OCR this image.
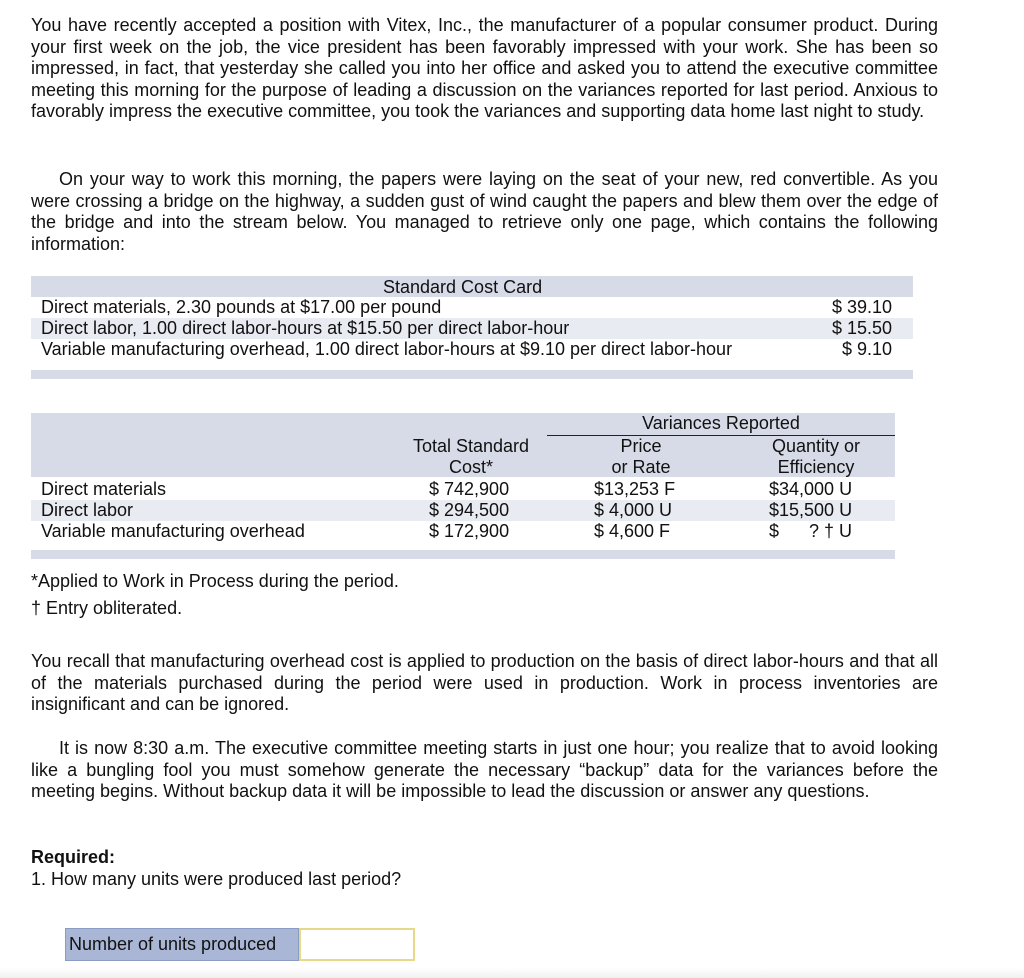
You have recently accepted a position with Vitex, Inc., the manufacturer of a popular consumer product. During your first week on the job, the vice president has been favorably impressed with your work. She has been so impressed, in fact, that yesterday she called you into her office and asked you to attend the executive committee meeting this morning for the purpose of leading a discussion on the variances reported for last period. Anxious to favorably impress the executive committee, you took the variances and supporting data home last night to study.

On your way to work this morning, the papers were laying on the seat of your new, red convertible. As you were crossing a bridge on the highway, a sudden gust of wind caught the papers and blew them over the edge of the bridge and into the stream below. You managed to retrieve only one page, which contains the following information:

Standard Cost Card
Direct materials, 2.30 pounds at $17.00 per pound	$ 39.10
Direct labor, 1.00 direct labor-hours at $15.50 per direct labor-hour	$ 15.50
Variable manufacturing overhead, 1.00 direct labor-hours at $9.10 per direct labor-hour	$ 9.10
Variances Reported
Total Standard
Cost*
Price
or Rate
Quantity or
Efficiency
Direct materials	$ 742,900	$13,253 F	$34,000 U
Direct labor	$ 294,500	$ 4,000 U	$15,500 U
Variable manufacturing overhead	$ 172,900	$ 4,600 F	$      ? † U
*Applied to Work in Process during the period.
† Entry obliterated.

You recall that manufacturing overhead cost is applied to production on the basis of direct labor-hours and that all of the materials purchased during the period were used in production. Work in process inventories are insignificant and can be ignored.

It is now 8:30 a.m. The executive committee meeting starts in just one hour; you realize that to avoid looking like a bungling fool you must somehow generate the necessary “backup” data for the variances before the meeting begins. Without backup data it will be impossible to lead the discussion or answer any questions.

Required:
1. How many units were produced last period?
Number of units produced
